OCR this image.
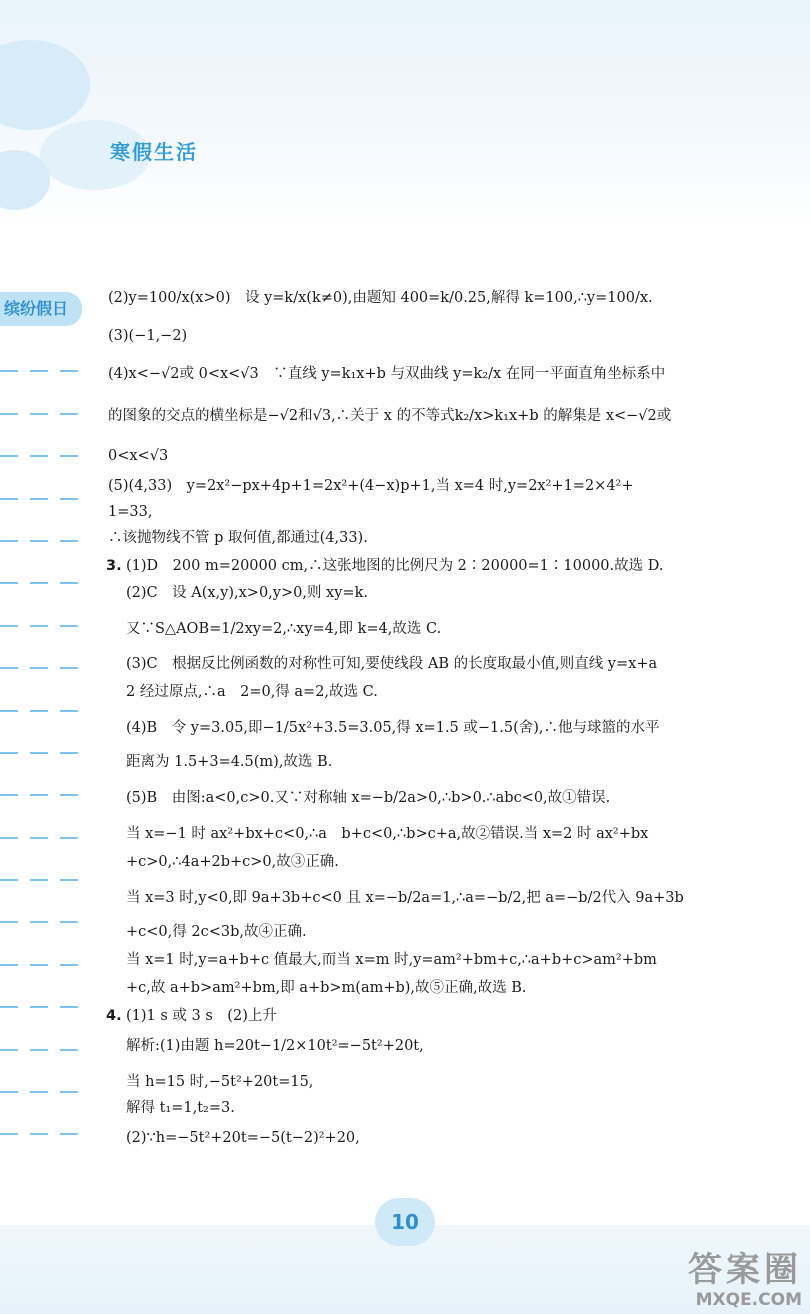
寒假生活
缤纷假日
(2)y=100/x(x>0)　设 y=k/x(k≠0),由题知 400=k/0.25,解得 k=100,∴y=100/x.
(3)(−1,−2)
(4)x<−√2或 0<x<√3　∵直线 y=k₁x+b 与双曲线 y=k₂/x 在同一平面直角坐标系中
的图象的交点的横坐标是−√2和√3,∴关于 x 的不等式k₂/x>k₁x+b 的解集是 x<−√2或
0<x<√3
(5)(4,33)　y=2x²−px+4p+1=2x²+(4−x)p+1,当 x=4 时,y=2x²+1=2×4²+
1=33,
∴该抛物线不管 p 取何值,都通过(4,33).
3. (1)D　200 m=20000 cm,∴这张地图的比例尺为 2∶20000=1∶10000.故选 D.
(2)C　设 A(x,y),x>0,y>0,则 xy=k.
又∵S△AOB=1/2xy=2,∴xy=4,即 k=4,故选 C.
(3)C　根据反比例函数的对称性可知,要使线段 AB 的长度取最小值,则直线 y=x+a
2 经过原点,∴a　2=0,得 a=2,故选 C.
(4)B　令 y=3.05,即−1/5x²+3.5=3.05,得 x=1.5 或−1.5(舍),∴他与球篮的水平
距离为 1.5+3=4.5(m),故选 B.
(5)B　由图:a<0,c>0.又∵对称轴 x=−b/2a>0,∴b>0.∴abc<0,故①错误.
当 x=−1 时 ax²+bx+c<0,∴a　b+c<0,∴b>c+a,故②错误.当 x=2 时 ax²+bx
+c>0,∴4a+2b+c>0,故③正确.
当 x=3 时,y<0,即 9a+3b+c<0 且 x=−b/2a=1,∴a=−b/2,把 a=−b/2代入 9a+3b
+c<0,得 2c<3b,故④正确.
当 x=1 时,y=a+b+c 值最大,而当 x=m 时,y=am²+bm+c,∴a+b+c>am²+bm
+c,故 a+b>am²+bm,即 a+b>m(am+b),故⑤正确,故选 B.
4. (1)1 s 或 3 s　(2)上升
解析:(1)由题 h=20t−1/2×10t²=−5t²+20t,
当 h=15 时,−5t²+20t=15,
解得 t₁=1,t₂=3.
(2)∵h=−5t²+20t=−5(t−2)²+20,
10
答案圈
MXQE.COM
